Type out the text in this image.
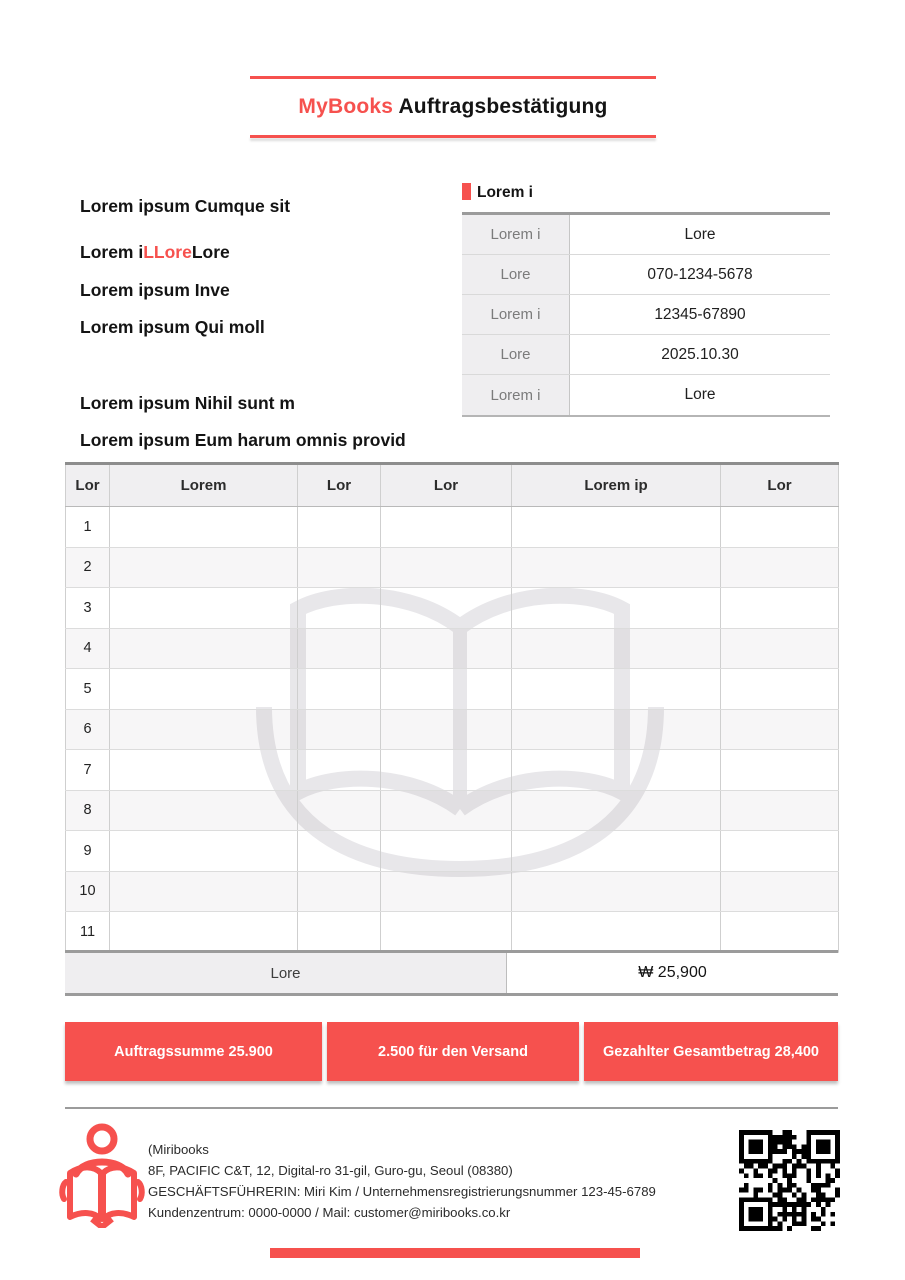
MyBooks Auftragsbestätigung
Lorem ipsum Cumque sit
Lorem iLLoreLore
Lorem ipsum Inve
Lorem ipsum Qui moll
Lorem ipsum Nihil sunt m
Lorem ipsum Eum harum omnis provid
Lorem i
Lorem i	Lore
Lore	070-1234-5678
Lorem i	12345-67890
Lore	2025.10.30
Lorem i	Lore
Lor	Lorem	Lor	Lor	Lorem ip	Lor
1					
2					
3					
4					
5					
6					
7					
8					
9					
10					
11					
Lore	₩ 25,900
Auftragssumme 25.900	2.500 für den Versand	Gezahlter Gesamtbetrag 28,400
(Miribooks
8F, PACIFIC C&T, 12, Digital-ro 31-gil, Guro-gu, Seoul (08380)
GESCHÄFTSFÜHRERIN: Miri Kim / Unternehmensregistrierungsnummer 123-45-6789
Kundenzentrum: 0000-0000 / Mail: customer@miribooks.co.kr
